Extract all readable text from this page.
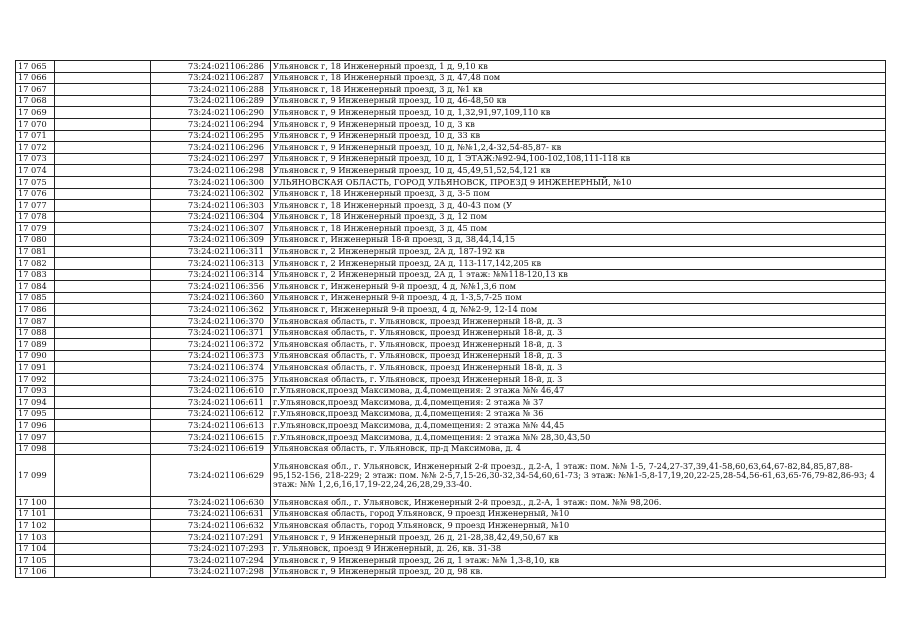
17 065		73:24:021106:286	Ульяновск г, 18 Инженерный проезд, 1 д, 9,10 кв
17 066		73:24:021106:287	Ульяновск г, 18 Инженерный проезд, 3 д, 47,48 пом
17 067		73:24:021106:288	Ульяновск г, 18 Инженерный проезд, 3 д, №1 кв
17 068		73:24:021106:289	Ульяновск г, 9 Инженерный проезд, 10 д, 46-48,50 кв
17 069		73:24:021106:290	Ульяновск г, 9 Инженерный проезд, 10 д, 1,32,91,97,109,110 кв
17 070		73:24:021106:294	Ульяновск г, 9 Инженерный проезд, 10 д, 3 кв
17 071		73:24:021106:295	Ульяновск г, 9 Инженерный проезд, 10 д, 33 кв
17 072		73:24:021106:296	Ульяновск г, 9 Инженерный проезд, 10 д, №№1,2,4-32,54-85,87- кв
17 073		73:24:021106:297	Ульяновск г, 9 Инженерный проезд, 10 д, 1 ЭТАЖ:№92-94,100-102,108,111-118 кв
17 074		73:24:021106:298	Ульяновск г, 9 Инженерный проезд, 10 д, 45,49,51,52,54,121 кв
17 075		73:24:021106:300	УЛЬЯНОВСКАЯ ОБЛАСТЬ, ГОРОД УЛЬЯНОВСК, ПРОЕЗД 9 ИНЖЕНЕРНЫЙ, №10
17 076		73:24:021106:302	Ульяновск г, 18 Инженерный проезд, 3 д, 3-5 пом
17 077		73:24:021106:303	Ульяновск г, 18 Инженерный проезд, 3 д, 40-43 пом (У
17 078		73:24:021106:304	Ульяновск г, 18 Инженерный проезд, 3 д, 12 пом
17 079		73:24:021106:307	Ульяновск г, 18 Инженерный проезд, 3 д, 45 пом
17 080		73:24:021106:309	Ульяновск г, Инженерный 18-й проезд, 3 д, 38,44,14,15
17 081		73:24:021106:311	Ульяновск г, 2 Инженерный проезд, 2А д, 187-192 кв
17 082		73:24:021106:313	Ульяновск г, 2 Инженерный проезд, 2А д, 113-117,142,205 кв
17 083		73:24:021106:314	Ульяновск г, 2 Инженерный проезд, 2А д, 1 этаж: №№118-120,13 кв
17 084		73:24:021106:356	Ульяновск г, Инженерный 9-й проезд, 4 д, №№1,3,6 пом
17 085		73:24:021106:360	Ульяновск г, Инженерный 9-й проезд, 4 д, 1-3,5,7-25 пом
17 086		73:24:021106:362	Ульяновск г, Инженерный 9-й проезд, 4 д, №№2-9, 12-14 пом
17 087		73:24:021106:370	Ульяновская область, г. Ульяновск, проезд Инженерный 18-й, д. 3
17 088		73:24:021106:371	Ульяновская область, г. Ульяновск, проезд Инженерный 18-й, д. 3
17 089		73:24:021106:372	Ульяновская область, г. Ульяновск, проезд Инженерный 18-й, д. 3
17 090		73:24:021106:373	Ульяновская область, г. Ульяновск, проезд Инженерный 18-й, д. 3
17 091		73:24:021106:374	Ульяновская область, г. Ульяновск, проезд Инженерный 18-й, д. 3
17 092		73:24:021106:375	Ульяновская область, г. Ульяновск, проезд Инженерный 18-й, д. 3
17 093		73:24:021106:610	г.Ульяновск,проезд Максимова, д.4,помещения: 2 этажа №№ 46,47
17 094		73:24:021106:611	г.Ульяновск,проезд Максимова, д.4,помещения: 2 этажа № 37
17 095		73:24:021106:612	г.Ульяновск,проезд Максимова, д.4,помещения: 2 этажа № 36
17 096		73:24:021106:613	г.Ульяновск,проезд Максимова, д.4,помещения: 2 этажа №№ 44,45
17 097		73:24:021106:615	г.Ульяновск,проезд Максимова, д.4,помещения: 2 этажа №№ 28,30,43,50
17 098		73:24:021106:619	Ульяновская область, г. Ульяновск, пр-д Максимова, д. 4
17 099		73:24:021106:629	Ульяновская обл., г. Ульяновск, Инженерный 2-й проезд., д.2-А, 1 этаж: пом. №№ 1-5, 7-24,27-37,39,41-58,60,63,64,67-82,84,85,87,88-95,152-156, 218-229; 2 этаж: пом. №№ 2-5,7,15-26,30-32,34-54,60,61-73; 3 этаж: №№1-5,8-17,19,20,22-25,28-54,56-61,63,65-76,79-82,86-93; 4 этаж: №№ 1,2,6,16,17,19-22,24,26,28,29,33-40.
17 100		73:24:021106:630	Ульяновская обл., г. Ульяновск, Инженерный 2-й проезд., д.2-А, 1 этаж: пом. №№ 98,206.
17 101		73:24:021106:631	Ульяновская область, город Ульяновск, 9 проезд Инженерный, №10
17 102		73:24:021106:632	Ульяновская область, город Ульяновск, 9 проезд Инженерный, №10
17 103		73:24:021107:291	Ульяновск г, 9 Инженерный проезд, 26 д, 21-28,38,42,49,50,67 кв
17 104		73:24:021107:293	г. Ульяновск, проезд 9 Инженерный, д. 26, кв. 31-38
17 105		73:24:021107:294	Ульяновск г, 9 Инженерный проезд, 26 д, 1 этаж: №№ 1,3-8,10, кв
17 106		73:24:021107:298	Ульяновск г, 9 Инженерный проезд, 20 д, 98 кв.
